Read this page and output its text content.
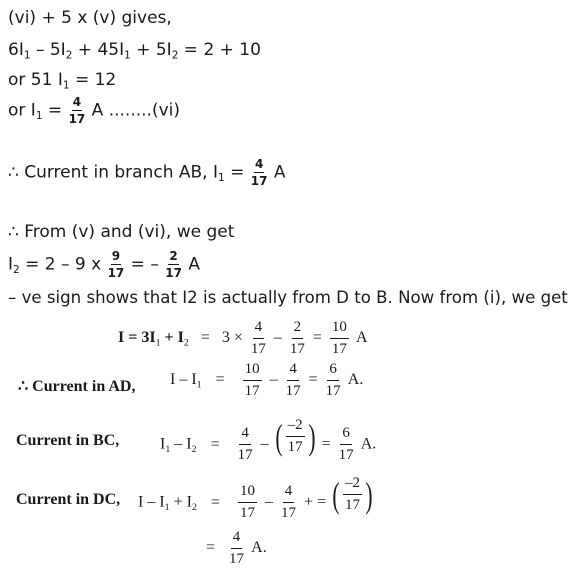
(vi) + 5 x (v) gives,
$6I_1 - 5I_2 + 45I_1 + 5I_2 = 2 + 10$
or 51 $I_1 = 12$
or $I_1 = \frac{4}{17}$ A ........(vi)
∴ Current in branch AB, $I_1 = \frac{4}{17}$ A
∴ From (v) and (vi), we get
$I_2 = 2 - 9$ x $\frac{9}{17}$ = – $\frac{2}{17}$ A
– ve sign shows that I2 is actually from D to B. Now from (i), we get
$I = 3I_1 + I_2 = 3 \times \frac{4}{17} - \frac{2}{17} = \frac{10}{17}$ A
∴ Current in AD, $I - I_1 = \frac{10}{17} - \frac{4}{17} = \frac{6}{17} A$.
Current in BC,	$I_1 - I_2 = \frac{4}{17}$ – ( $\frac{-2}{17}$ ) = $\frac{6}{17} A$.
Current in DC, $I - I_1 + I_2 = \frac{10}{17} - \frac{4}{17}$ + = ( $\frac{-2}{17}$ )
= $\frac{4}{17} A$.
